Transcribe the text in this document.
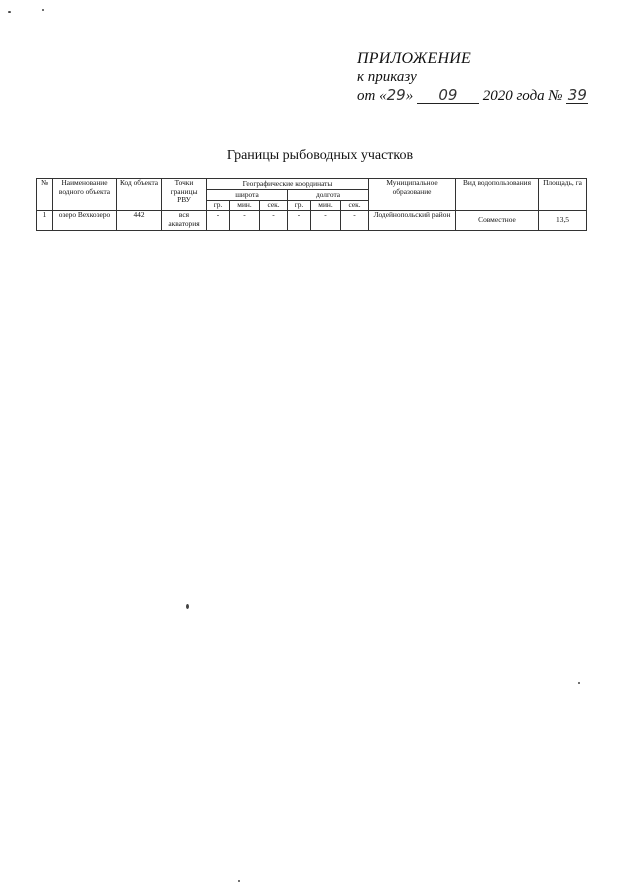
ПРИЛОЖЕНИЕ
к приказу
от «29» 09 2020 года № 39
Границы рыбоводных участков
№	Наименование водного объекта	Код объекта	Точки границы РВУ	Географические координаты						Муниципальное образование	Вид водопользования	Площадь, га
				широта			долгота					
				гр.	мин.	сек.	гр.	мин.	сек.			
1	озеро Вехкозеро	442	вся акватория	-	-	-	-	-	-	Лодейнопольский район	Совместное	13,5
